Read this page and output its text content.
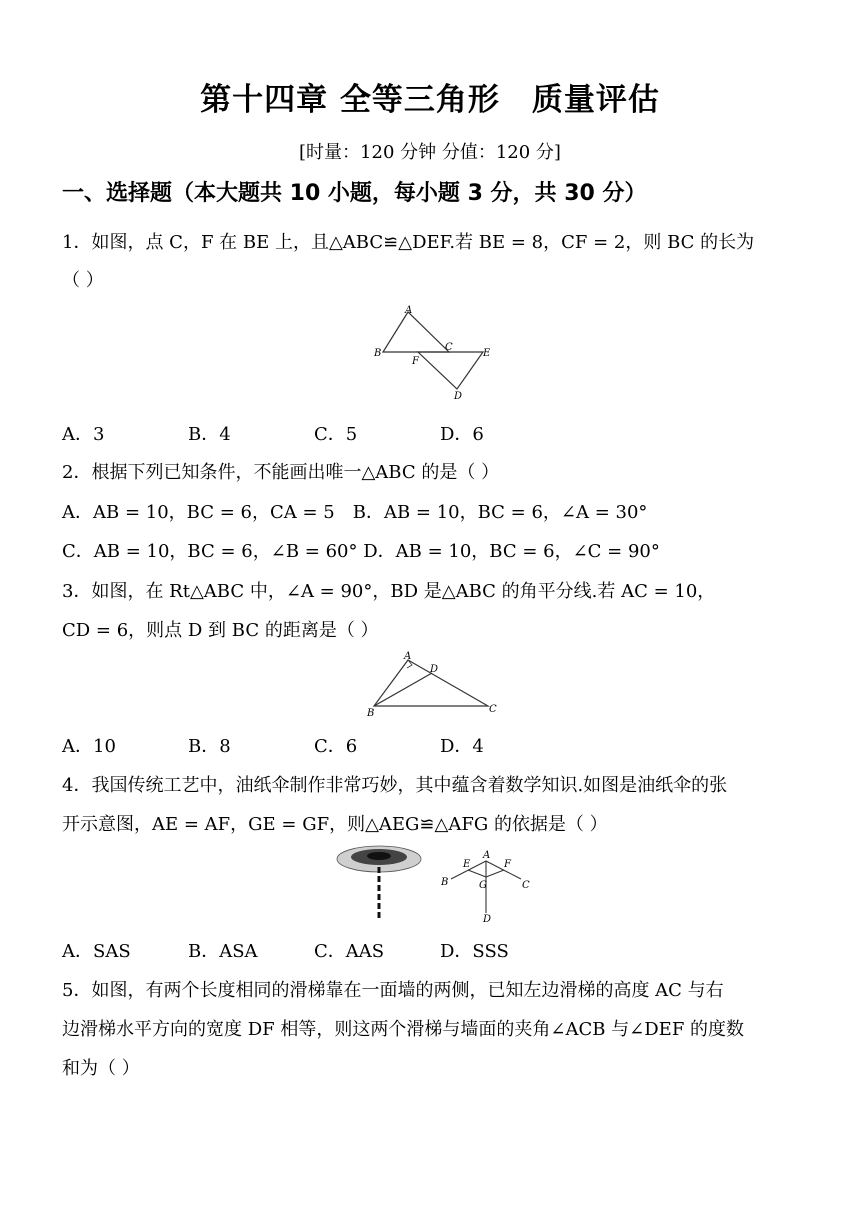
第十四章 全等三角形　质量评估
[时量：120 分钟 分值：120 分]
一、选择题（本大题共 10 小题，每小题 3 分，共 30 分）
1．如图，点 C，F 在 BE 上，且△ABC≌△DEF.若 BE = 8，CF = 2，则 BC 的长为
（ ）
A
B
C
E
F
D
A．3	B．4	C．5	D．6
2．根据下列已知条件，不能画出唯一△ABC 的是（ ）
A．AB = 10，BC = 6，CA = 5　B．AB = 10，BC = 6，∠A = 30°
C．AB = 10，BC = 6，∠B = 60° D．AB = 10，BC = 6，∠C = 90°
3．如图，在 Rt△ABC 中，∠A = 90°，BD 是△ABC 的角平分线.若 AC = 10，
CD = 6，则点 D 到 BC 的距离是（ ）
A
D
B	C
A．10	B．8	C．6	D．4
4．我国传统工艺中，油纸伞制作非常巧妙，其中蕴含着数学知识.如图是油纸伞的张
开示意图，AE = AF，GE = GF，则△AEG≌△AFG 的依据是（ ）
A
E	F
B	C
G
D
A．SAS	B．ASA	C．AAS	D．SSS
5．如图，有两个长度相同的滑梯靠在一面墙的两侧，已知左边滑梯的高度 AC 与右
边滑梯水平方向的宽度 DF 相等，则这两个滑梯与墙面的夹角∠ACB 与∠DEF 的度数
和为（ ）
